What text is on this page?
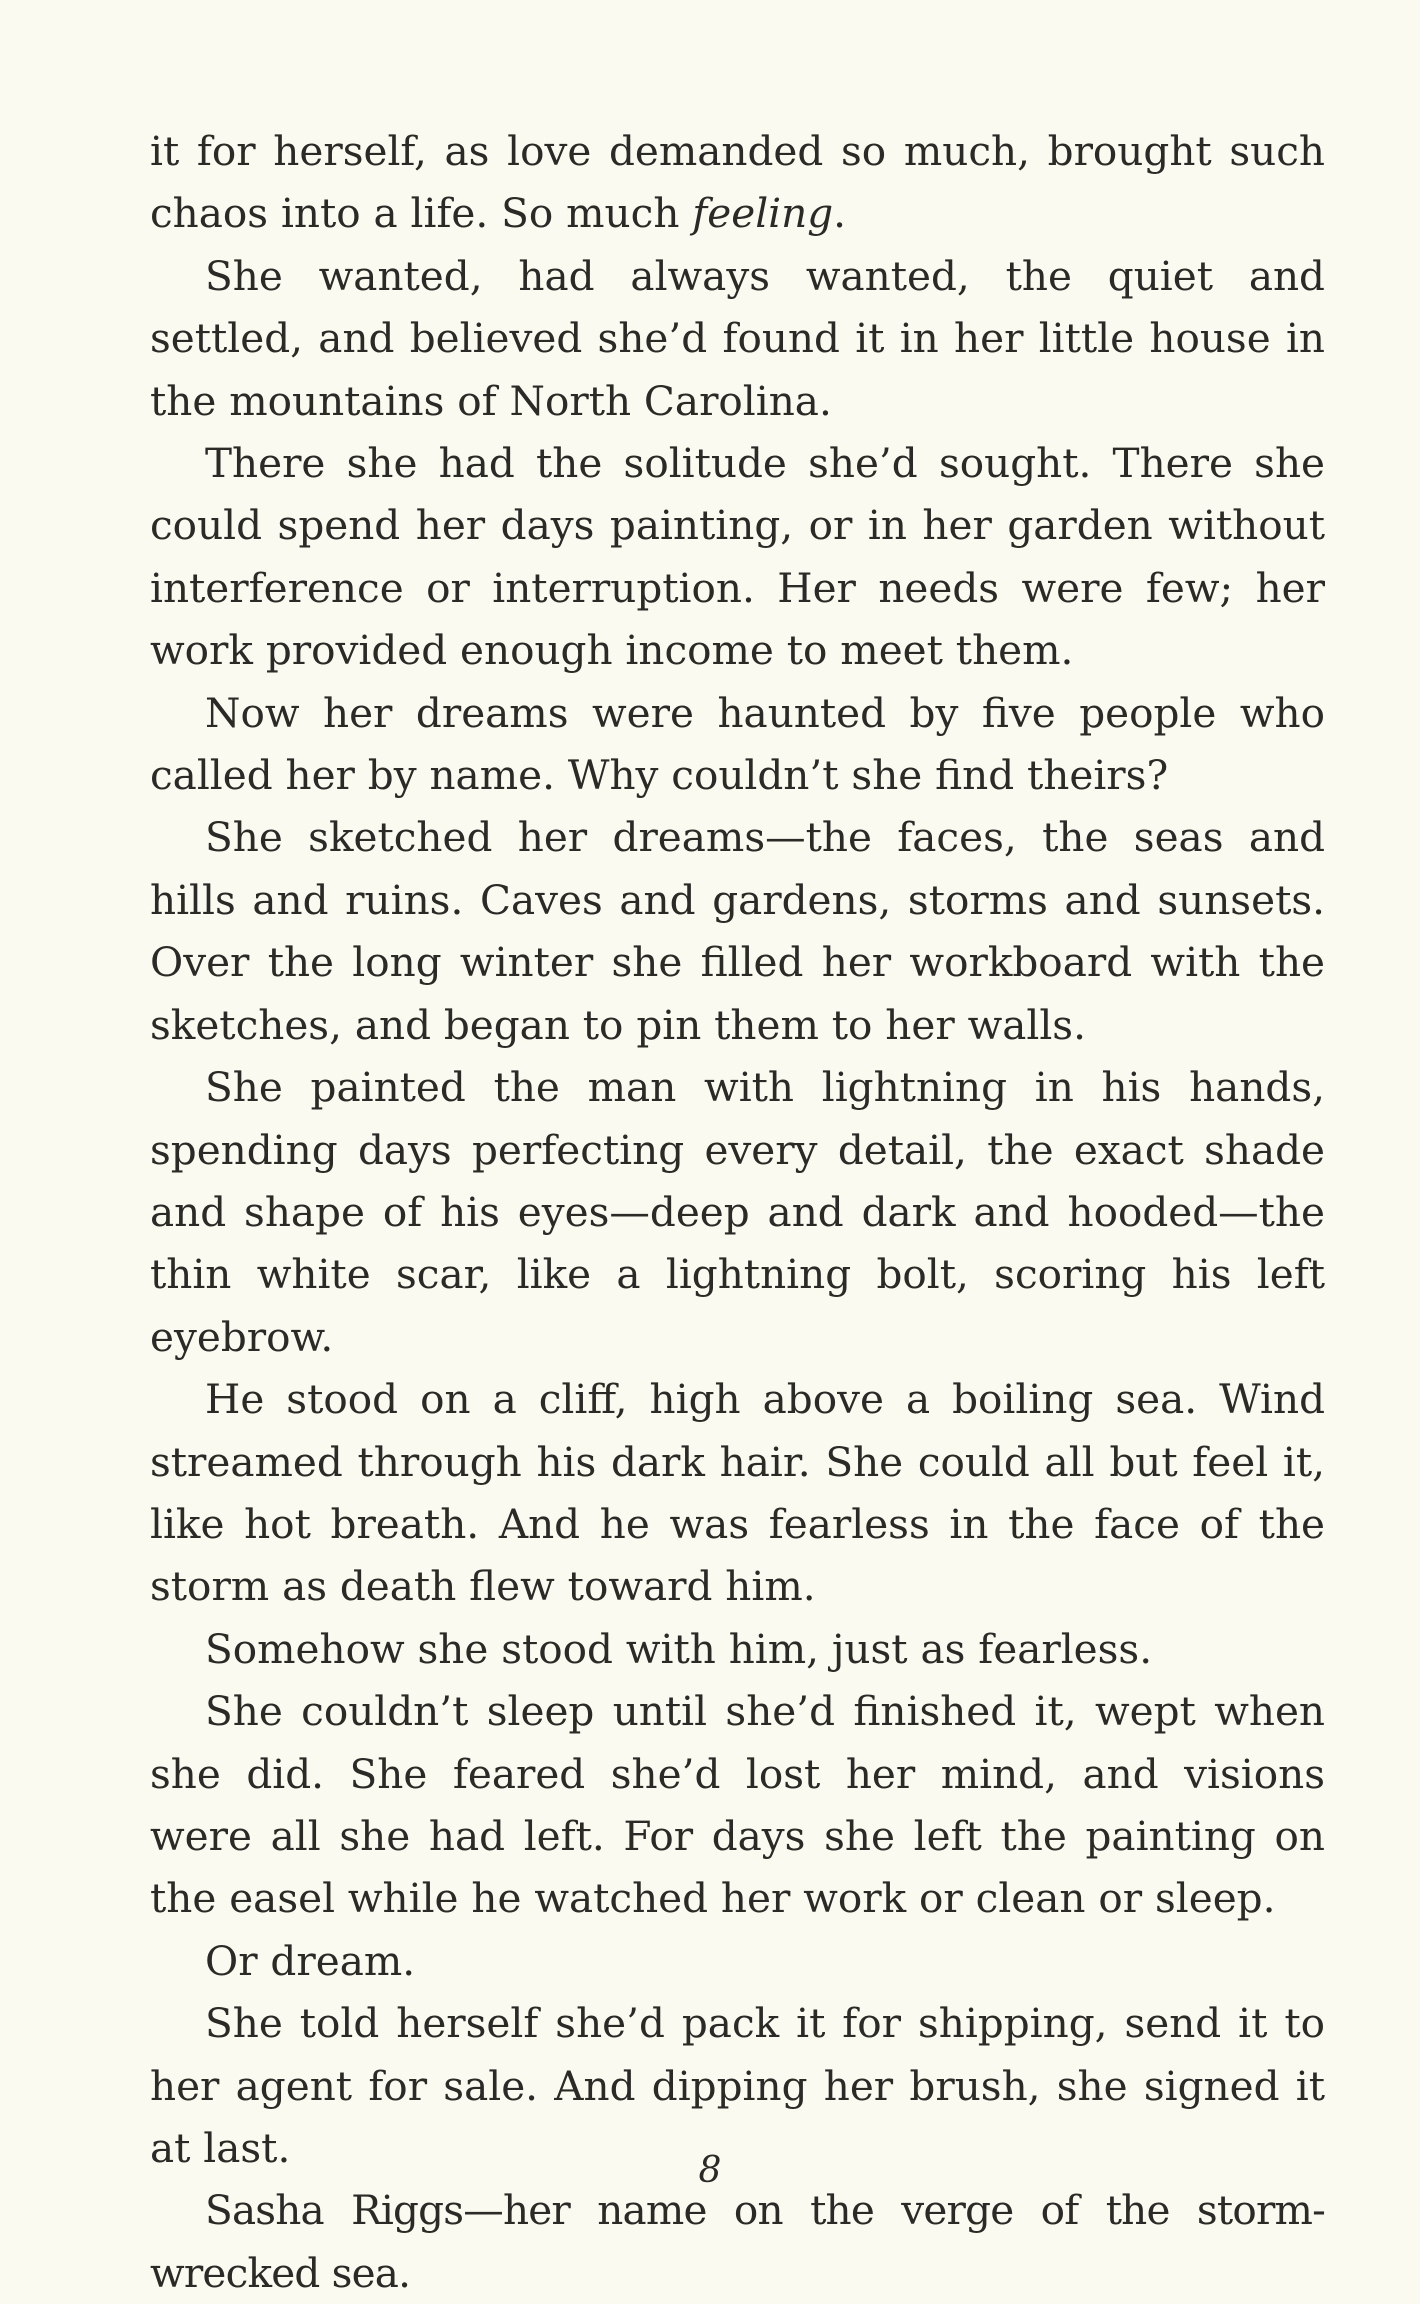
it for herself, as love demanded so much, brought such chaos into a life. So much feeling.

She wanted, had always wanted, the quiet and settled, and believed she’d found it in her little house in the mountains of North Carolina.

There she had the solitude she’d sought. There she could spend her days painting, or in her garden without interference or interruption. Her needs were few; her work provided enough income to meet them.

Now her dreams were haunted by five people who called her by name. Why couldn’t she find theirs?

She sketched her dreams—the faces, the seas and hills and ruins. Caves and gardens, storms and sunsets. Over the long winter she filled her workboard with the sketches, and began to pin them to her walls.

She painted the man with lightning in his hands, spending days perfecting every detail, the exact shade and shape of his eyes—deep and dark and hooded—the thin white scar, like a lightning bolt, scoring his left eyebrow.

He stood on a cliff, high above a boiling sea. Wind streamed through his dark hair. She could all but feel it, like hot breath. And he was fearless in the face of the storm as death flew toward him.

Somehow she stood with him, just as fearless.

She couldn’t sleep until she’d finished it, wept when she did. She feared she’d lost her mind, and visions were all she had left. For days she left the painting on the easel while he watched her work or clean or sleep.

Or dream.

She told herself she’d pack it for shipping, send it to her agent for sale. And dipping her brush, she signed it at last.

Sasha Riggs—her name on the verge of the storm-wrecked sea.

8
